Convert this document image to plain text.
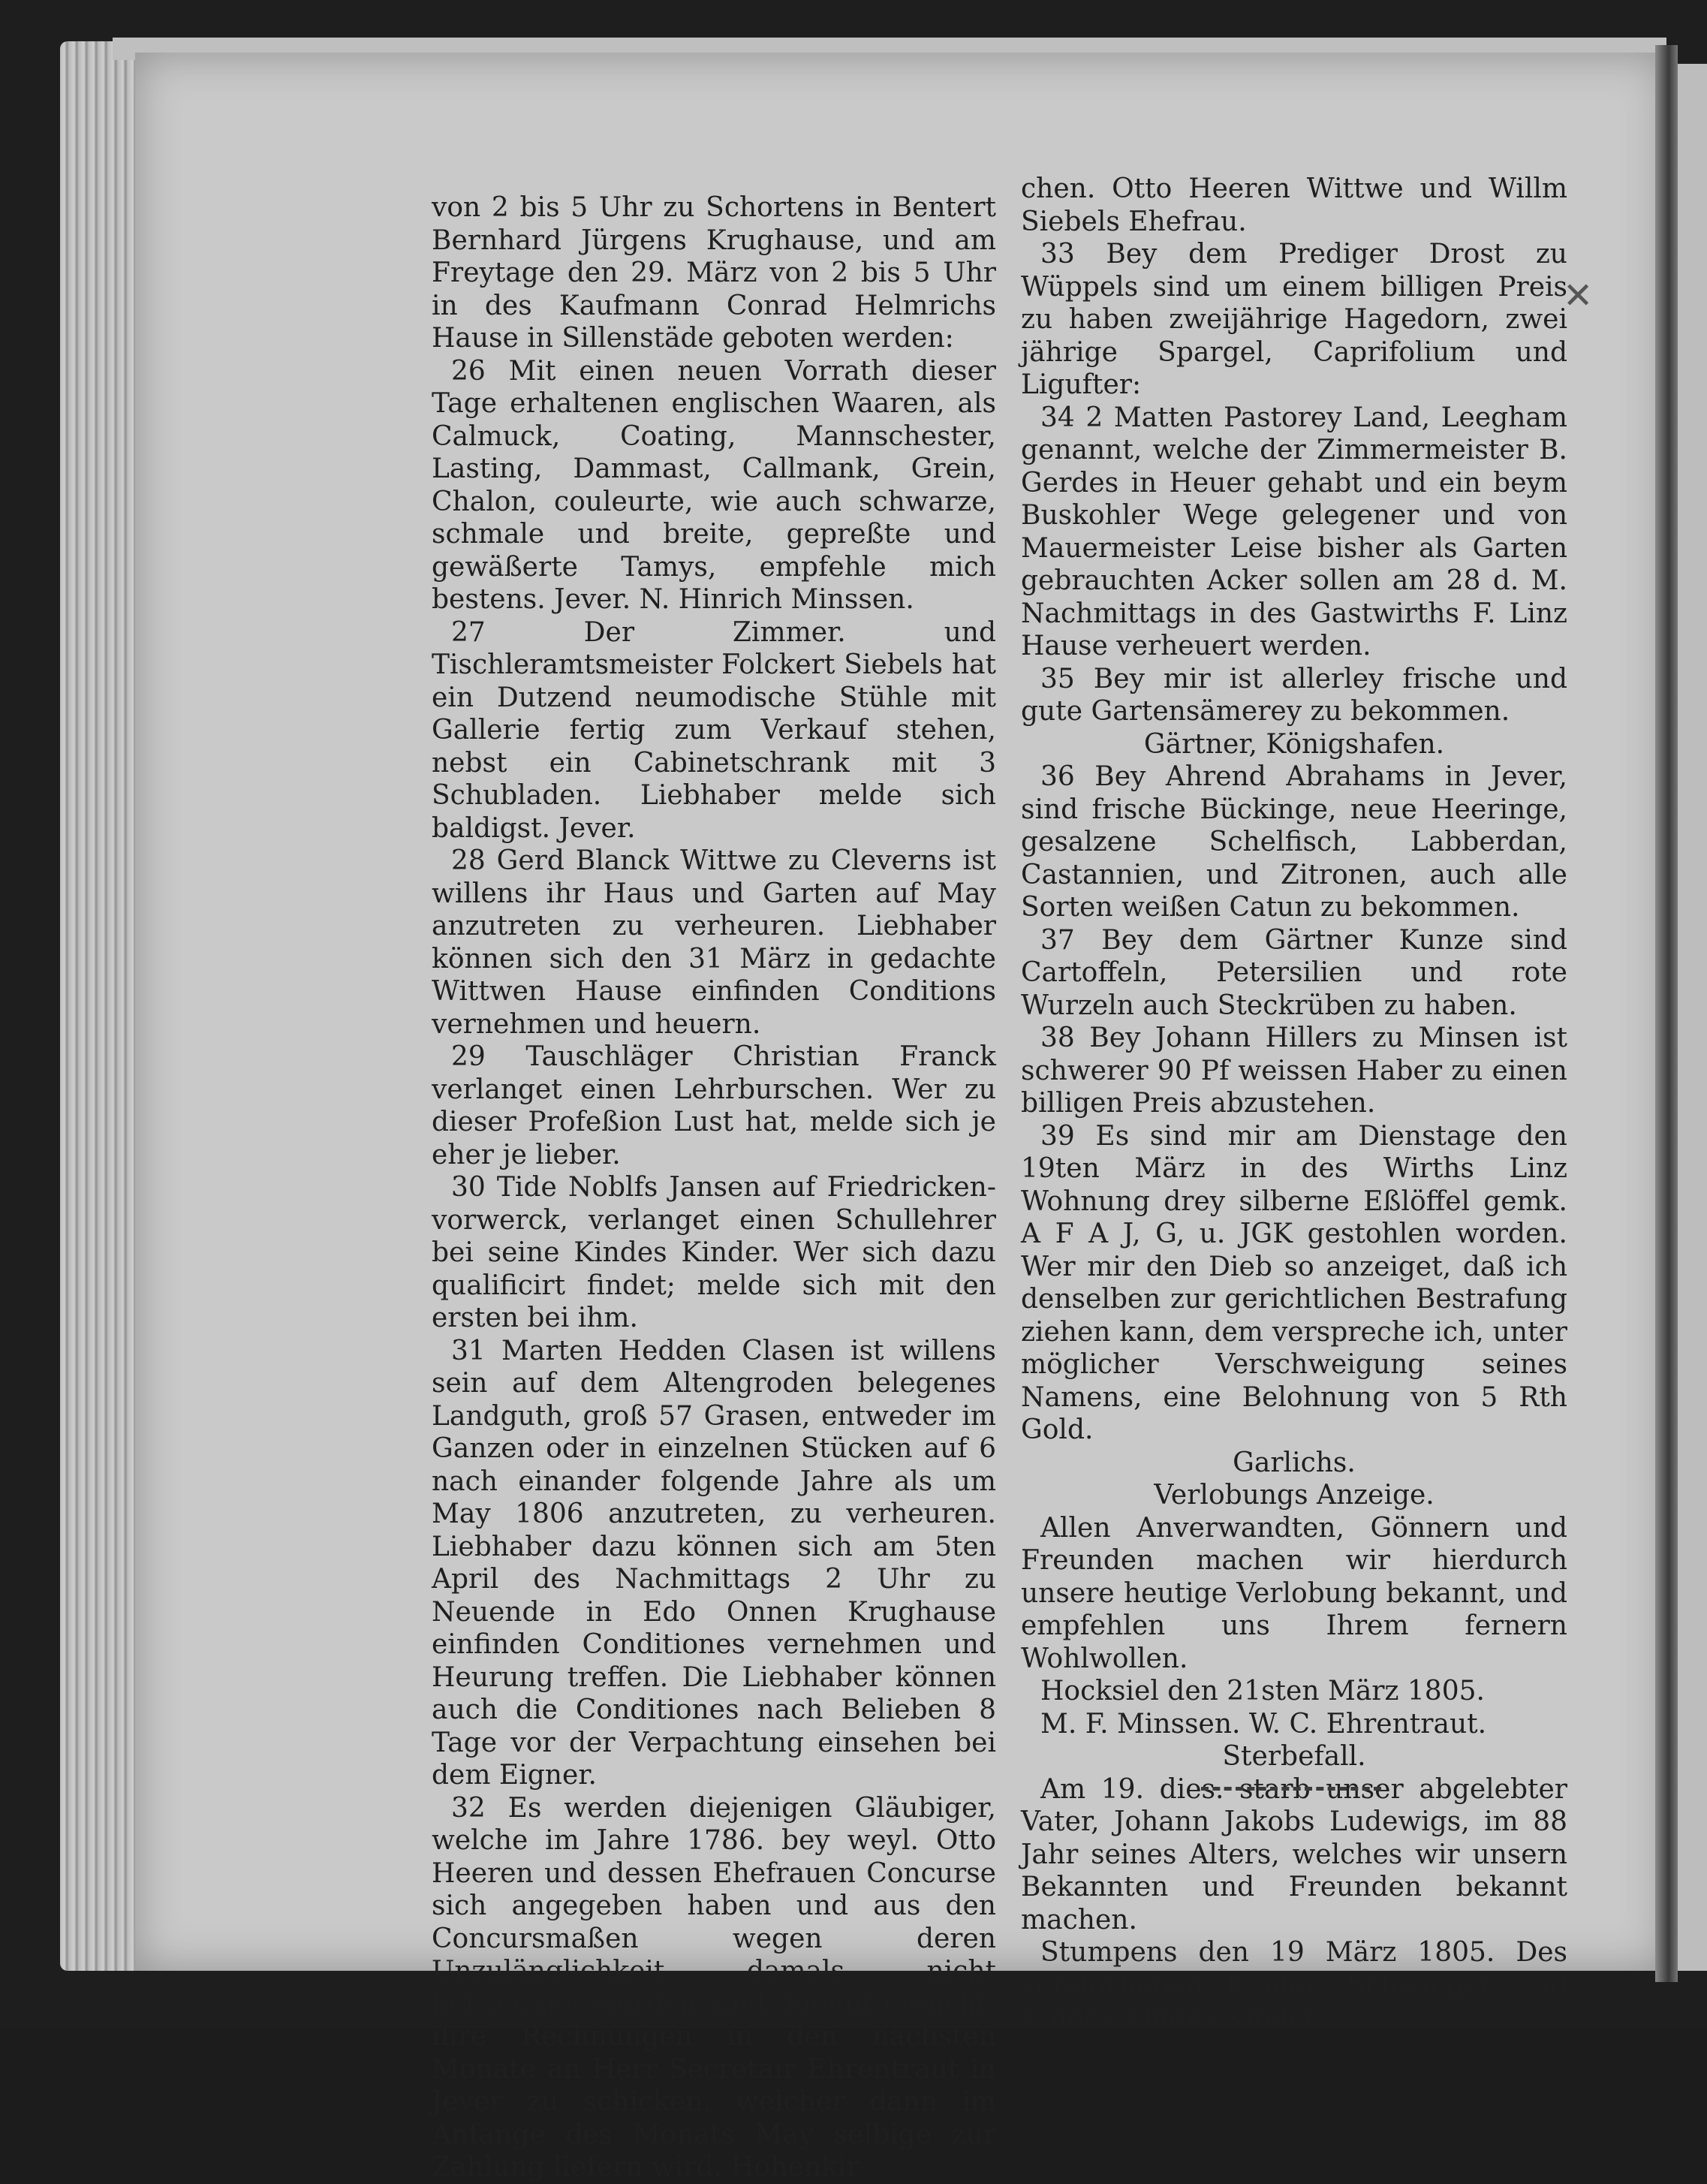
von 2 bis 5 Uhr zu Schortens in Bentert Bernhard Jürgens Krughause, und am Freytage den 29. März von 2 bis 5 Uhr in des Kaufmann Conrad Helmrichs Hause in Sillenstäde geboten werden:

26 Mit einen neuen Vorrath dieser Tage erhaltenen englischen Waaren, als Calmuck, Coating, Mannschester, Lasting, Dammast, Callmank, Grein, Chalon, couleurte, wie auch schwarze, schmale und breite, gepreßte und gewäßerte Tamys, empfehle mich bestens. Jever. N. Hinrich Minssen.

27 Der Zimmer. und Tischleramtsmeister Folckert Siebels hat ein Dutzend neumodische Stühle mit Gallerie fertig zum Verkauf stehen, nebst ein Cabinetschrank mit 3 Schubladen. Liebhaber melde sich baldigst. Jever.

28 Gerd Blanck Wittwe zu Cleverns ist willens ihr Haus und Garten auf May anzutreten zu verheuren. Liebhaber können sich den 31 März in gedachte Wittwen Hause einfinden Conditions vernehmen und heuern.

29 Tauschläger Christian Franck verlanget einen Lehrburschen. Wer zu dieser Profeßion Lust hat, melde sich je eher je lieber.

30 Tide Noblfs Jansen auf Friedricken-vorwerck, verlanget einen Schullehrer bei seine Kindes Kinder. Wer sich dazu qualificirt findet; melde sich mit den ersten bei ihm.

31 Marten Hedden Clasen ist willens sein auf dem Altengroden belegenes Landguth, groß 57 Grasen, entweder im Ganzen oder in einzelnen Stücken auf 6 nach einander folgende Jahre als um May 1806 anzutreten, zu verheuren. Liebhaber dazu können sich am 5ten April des Nachmittags 2 Uhr zu Neuende in Edo Onnen Krughause einfinden Conditiones vernehmen und Heurung treffen. Die Liebhaber können auch die Conditiones nach Belieben 8 Tage vor der Verpachtung einsehen bei dem Eigner.

32 Es werden diejenigen Gläubiger, welche im Jahre 1786. bey weyl. Otto Heeren und dessen Ehefrauen Concurse sich angegeben haben und aus den Concursmaßen wegen deren Unzulänglichkeit damals nicht befriediget worden sind, hiemit ersucht, ihre Rechnungen in den nächsten Monate an Herr Secretair Ehrentraut in Jever zu schicken, welcher dann im Anfange des Monats May selbige zur Zahlung liefern wird. Hohenkir

chen. Otto Heeren Wittwe und Willm Siebels Ehefrau.

33 Bey dem Prediger Drost zu Wüppels sind um einem billigen Preis zu haben zweijährige Hagedorn, zwei jährige Spargel, Caprifolium und Ligufter:

34 2 Matten Pastorey Land, Leegham genannt, welche der Zimmermeister B. Gerdes in Heuer gehabt und ein beym Buskohler Wege gelegener und von Mauermeister Leise bisher als Garten gebrauchten Acker sollen am 28 d. M. Nachmittags in des Gastwirths F. Linz Hause verheuert werden.

35 Bey mir ist allerley frische und gute Gartensämerey zu bekommen.

Gärtner, Königshafen.

36 Bey Ahrend Abrahams in Jever, sind frische Bückinge, neue Heeringe, gesalzene Schelfisch, Labberdan, Castannien, und Zitronen, auch alle Sorten weißen Catun zu bekommen.

37 Bey dem Gärtner Kunze sind Cartoffeln, Petersilien und rote Wurzeln auch Steckrüben zu haben.

38 Bey Johann Hillers zu Minsen ist schwerer 90 Pf weissen Haber zu einen billigen Preis abzustehen.

39 Es sind mir am Dienstage den 19ten März in des Wirths Linz Wohnung drey silberne Eßlöffel gemk. A F A J, G, u. JGK gestohlen worden. Wer mir den Dieb so anzeiget, daß ich denselben zur gerichtlichen Bestrafung ziehen kann, dem verspreche ich, unter möglicher Verschweigung seines Namens, eine Belohnung von 5 Rth Gold.

Garlichs.

Verlobungs Anzeige.

Allen Anverwandten, Gönnern und Freunden machen wir hierdurch unsere heutige Verlobung bekannt, und empfehlen uns Ihrem fernern Wohlwollen.

Hocksiel den 21sten März 1805.

M. F. Minssen. W. C. Ehrentraut.

Sterbefall.

Am 19. dies. starb unser abgelebter Vater, Johann Jakobs Ludewigs, im 88 Jahr seines Alters, welches wir unsern Bekannten und Freunden bekannt machen.

Stumpens den 19 März 1805. Des verstorbenen Kinder, Schwieger und Kindes Kindes Kinder.

✕
